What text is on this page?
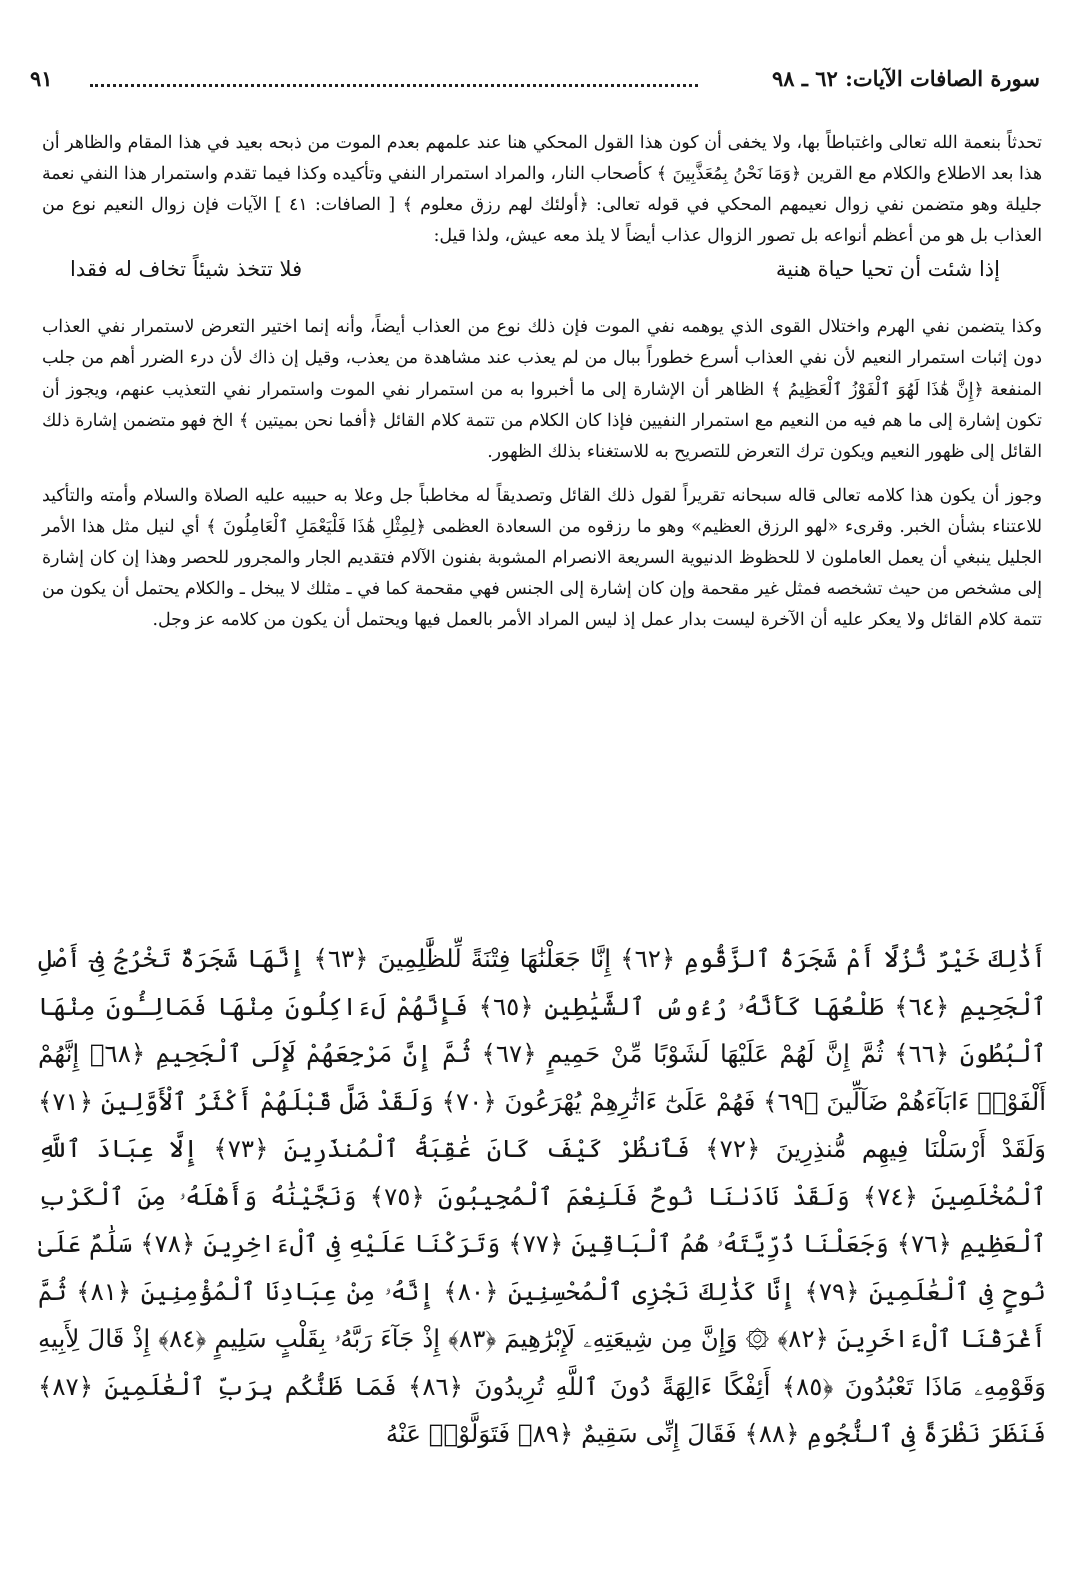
سورة الصافات الآيات: ٦٢ ـ ٩٨
٩١

تحدثاً بنعمة الله تعالى واغتباطاً بها، ولا يخفى أن كون هذا القول المحكي هنا عند علمهم بعدم الموت من ذبحه بعيد في هذا المقام والظاهر أن هذا بعد الاطلاع والكلام مع القرين ﴿وَمَا نَحْنُ بِمُعَذَّبِينَ ﴾ كأصحاب النار، والمراد استمرار النفي وتأكيده وكذا فيما تقدم واستمرار هذا النفي نعمة جليلة وهو متضمن نفي زوال نعيمهم المحكي في قوله تعالى: ﴿أولئك لهم رزق معلوم ﴾ [ الصافات: ٤١ ] الآيات فإن زوال النعيم نوع من العذاب بل هو من أعظم أنواعه بل تصور الزوال عذاب أيضاً لا يلذ معه عيش، ولذا قيل:

إذا شئت أن تحيا حياة هنية
فلا تتخذ شيئاً تخاف له فقدا

وكذا يتضمن نفي الهرم واختلال القوى الذي يوهمه نفي الموت فإن ذلك نوع من العذاب أيضاً، وأنه إنما اختير التعرض لاستمرار نفي العذاب دون إثبات استمرار النعيم لأن نفي العذاب أسرع خطوراً ببال من لم يعذب عند مشاهدة من يعذب، وقيل إن ذاك لأن درء الضرر أهم من جلب المنفعة ﴿إِنَّ هَٰذَا لَهُوَ ٱلْفَوْزُ ٱلْعَظِيمُ ﴾ الظاهر أن الإشارة إلى ما أخبروا به من استمرار نفي الموت واستمرار نفي التعذيب عنهم، ويجوز أن تكون إشارة إلى ما هم فيه من النعيم مع استمرار النفيين فإذا كان الكلام من تتمة كلام القائل ﴿أفما نحن بميتين ﴾ الخ فهو متضمن إشارة ذلك القائل إلى ظهور النعيم ويكون ترك التعرض للتصريح به للاستغناء بذلك الظهور.

وجوز أن يكون هذا كلامه تعالى قاله سبحانه تقريراً لقول ذلك القائل وتصديقاً له مخاطباً جل وعلا به حبيبه عليه الصلاة والسلام وأمته والتأكيد للاعتناء بشأن الخبر. وقرىء «لهو الرزق العظيم» وهو ما رزقوه من السعادة العظمى ﴿لِمِثْلِ هَٰذَا فَلْيَعْمَلِ ٱلْعَامِلُونَ ﴾ أي لنيل مثل هذا الأمر الجليل ينبغي أن يعمل العاملون لا للحظوظ الدنيوية السريعة الانصرام المشوبة بفنون الآلام فتقديم الجار والمجرور للحصر وهذا إن كان إشارة إلى مشخص من حيث تشخصه فمثل غير مقحمة وإن كان إشارة إلى الجنس فهي مقحمة كما في ـ مثلك لا يبخل ـ والكلام يحتمل أن يكون من تتمة كلام القائل ولا يعكر عليه أن الآخرة ليست بدار عمل إذ ليس المراد الأمر بالعمل فيها ويحتمل أن يكون من كلامه عز وجل.

أَذَٰلِكَ خَيْرٌ نُّزُلًا أَمْ شَجَرَةُ ٱلزَّقُّومِ ﴿٦٢﴾ إِنَّا جَعَلْنَٰهَا فِتْنَةً لِّلظَّٰلِمِينَ ﴿٦٣﴾ إِنَّهَا شَجَرَةٌ تَخْرُجُ فِىٓ أَصْلِ ٱلْجَحِيمِ ﴿٦٤﴾ طَلْعُهَا كَأَنَّهُۥ رُءُوسُ ٱلشَّيَٰطِينِ ﴿٦٥﴾ فَإِنَّهُمْ لَءَاكِلُونَ مِنْهَا فَمَالِـُٔونَ مِنْهَا ٱلْبُطُونَ ﴿٦٦﴾ ثُمَّ إِنَّ لَهُمْ عَلَيْهَا لَشَوْبًا مِّنْ حَمِيمٍ ﴿٦٧﴾ ثُمَّ إِنَّ مَرْجِعَهُمْ لَإِلَى ٱلْجَحِيمِ ﴿٦٨﴾ إِنَّهُمْ أَلْفَوْا۟ ءَابَآءَهُمْ ضَآلِّينَ ﴿٦٩﴾ فَهُمْ عَلَىٰٓ ءَاثَٰرِهِمْ يُهْرَعُونَ ﴿٧٠﴾ وَلَقَدْ ضَلَّ قَبْلَهُمْ أَكْثَرُ ٱلْأَوَّلِينَ ﴿٧١﴾ وَلَقَدْ أَرْسَلْنَا فِيهِم مُّنذِرِينَ ﴿٧٢﴾ فَٱنظُرْ كَيْفَ كَانَ عَٰقِبَةُ ٱلْمُنذَرِينَ ﴿٧٣﴾ إِلَّا عِبَادَ ٱللَّهِ ٱلْمُخْلَصِينَ ﴿٧٤﴾ وَلَقَدْ نَادَىٰنَا نُوحٌ فَلَنِعْمَ ٱلْمُجِيبُونَ ﴿٧٥﴾ وَنَجَّيْنَٰهُ وَأَهْلَهُۥ مِنَ ٱلْكَرْبِ ٱلْعَظِيمِ ﴿٧٦﴾ وَجَعَلْنَا ذُرِّيَّتَهُۥ هُمُ ٱلْبَاقِينَ ﴿٧٧﴾ وَتَرَكْنَا عَلَيْهِ فِى ٱلْءَاخِرِينَ ﴿٧٨﴾ سَلَٰمٌ عَلَىٰ نُوحٍ فِى ٱلْعَٰلَمِينَ ﴿٧٩﴾ إِنَّا كَذَٰلِكَ نَجْزِى ٱلْمُحْسِنِينَ ﴿٨٠﴾ إِنَّهُۥ مِنْ عِبَادِنَا ٱلْمُؤْمِنِينَ ﴿٨١﴾ ثُمَّ أَغْرَقْنَا ٱلْءَاخَرِينَ ﴿٨٢﴾ ۞ وَإِنَّ مِن شِيعَتِهِۦ لَإِبْرَٰهِيمَ ﴿٨٣﴾ إِذْ جَآءَ رَبَّهُۥ بِقَلْبٍ سَلِيمٍ ﴿٨٤﴾ إِذْ قَالَ لِأَبِيهِ وَقَوْمِهِۦ مَاذَا تَعْبُدُونَ ﴿٨٥﴾ أَئِفْكًا ءَالِهَةً دُونَ ٱللَّهِ تُرِيدُونَ ﴿٨٦﴾ فَمَا ظَنُّكُم بِرَبِّ ٱلْعَٰلَمِينَ ﴿٨٧﴾ فَنَظَرَ نَظْرَةً فِى ٱلنُّجُومِ ﴿٨٨﴾ فَقَالَ إِنِّى سَقِيمٌ ﴿٨٩﴾ فَتَوَلَّوْا۟ عَنْهُ
